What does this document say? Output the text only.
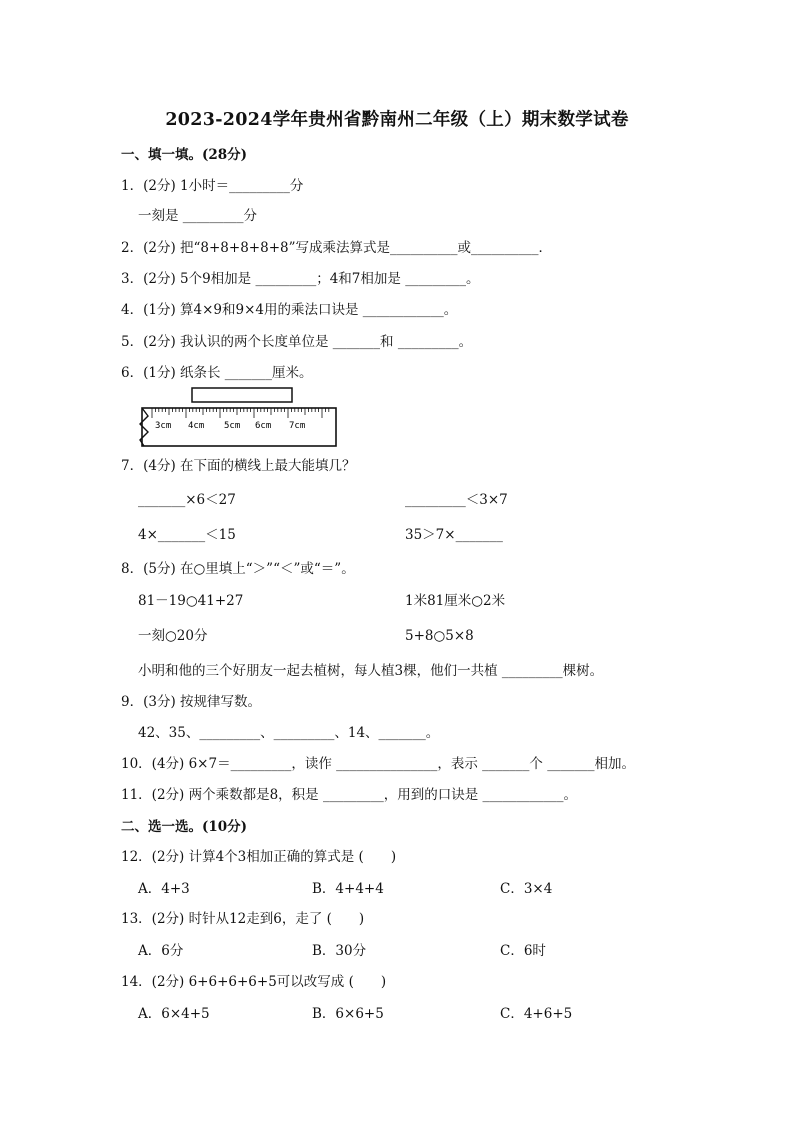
2023-2024学年贵州省黔南州二年级（上）期末数学试卷
一、填一填。(28分)
1．(2分) 1小时＝_________分
一刻是 _________分
2．(2分) 把“8+8+8+8+8”写成乘法算式是__________或__________．
3．(2分) 5个9相加是 _________；4和7相加是 _________。
4．(1分) 算4×9和9×4用的乘法口诀是 ____________。
5．(2分) 我认识的两个长度单位是 _______和 _________。
6．(1分) 纸条长 _______厘米。
3cm 4cm 5cm 6cm 7cm
7．(4分) 在下面的横线上最大能填几？
_______×6＜27	_________＜3×7
4×_______＜15	35＞7×_______
8．(5分) 在○里填上“＞”“＜”或“＝”。
81－19○41+27	1米81厘米○2米
一刻○20分	5+8○5×8
小明和他的三个好朋友一起去植树，每人植3棵，他们一共植 _________棵树。
9．(3分) 按规律写数。
42、35、_________、_________、14、_______。
10．(4分) 6×7＝_________，读作 _______________，表示 _______个 _______相加。
11．(2分) 两个乘数都是8，积是 _________，用到的口诀是 ____________。
二、选一选。(10分)
12．(2分) 计算4个3相加正确的算式是 (　　)
A．4+3	B．4+4+4	C．3×4
13．(2分) 时针从12走到6，走了 (　　)
A．6分	B．30分	C．6时
14．(2分) 6+6+6+6+5可以改写成 (　　)
A．6×4+5	B．6×6+5	C．4+6+5
